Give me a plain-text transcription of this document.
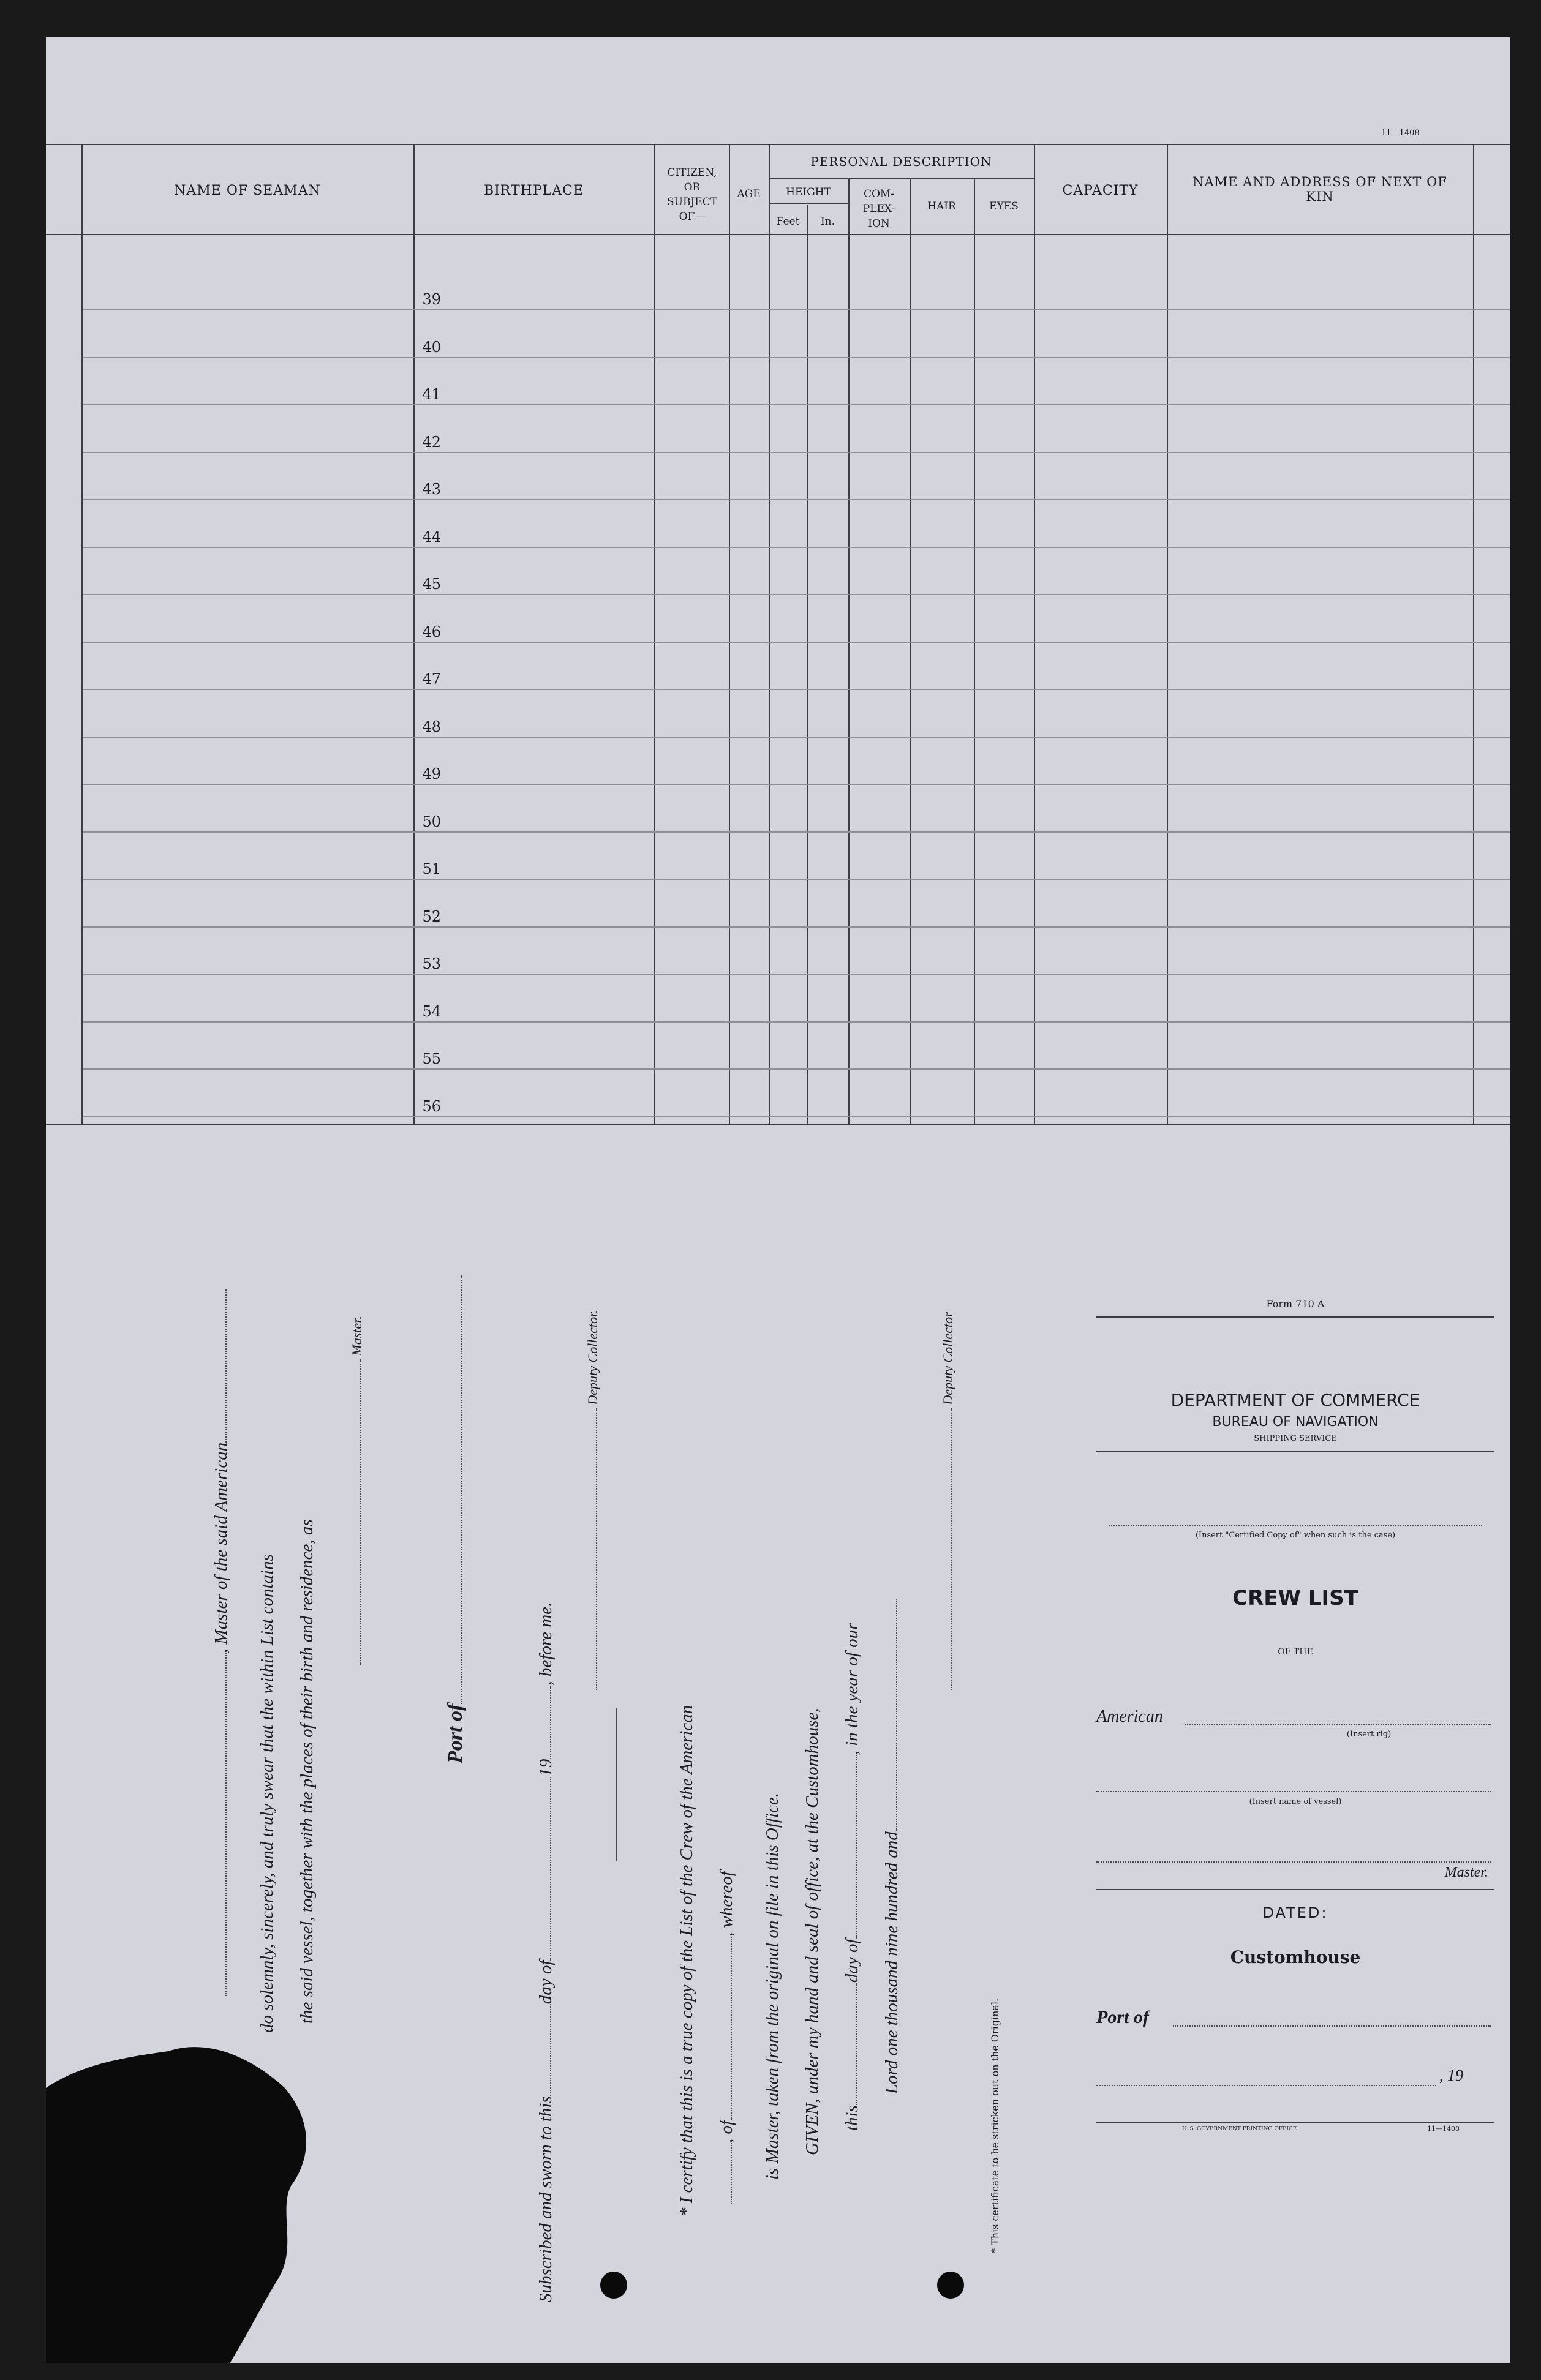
11—1408
NAME OF SEAMAN	BIRTHPLACE
CITIZEN, OR SUBJECT OF—
AGE
PERSONAL DESCRIPTION
HEIGHT
Feet	In.
COM- PLEX- ION
HAIR	EYES
CAPACITY
NAME AND ADDRESS OF NEXT OF KIN
39
40
41
42
43
44
45
46
47
48
49
50
51
52
53
54
55
56
, Master of the said American
do solemnly, sincerely, and truly swear that the within List contains the said vessel, together with the places of their birth and residence, as
Master.
Port of
Subscribed and sworn to thisday of19, before me.
Deputy Collector.
* I certify that this is a true copy of the List of the Crew of the American , of, whereof is Master, taken from the original on file in this Office. GIVEN, under my hand and seal of office, at the Customhouse, thisday of, in the year of our
Lord one thousand nine hundred and
Deputy Collector
* This certificate to be stricken out on the Original.
Form 710 A
DEPARTMENT OF COMMERCE
BUREAU OF NAVIGATION
SHIPPING SERVICE
(Insert "Certified Copy of" when such is the case)
CREW LIST
OF THE
American
(Insert rig)
(Insert name of vessel)
Master.
DATED:
Customhouse
Port of
, 19
U. S. GOVERNMENT PRINTING OFFICE	11—1408
